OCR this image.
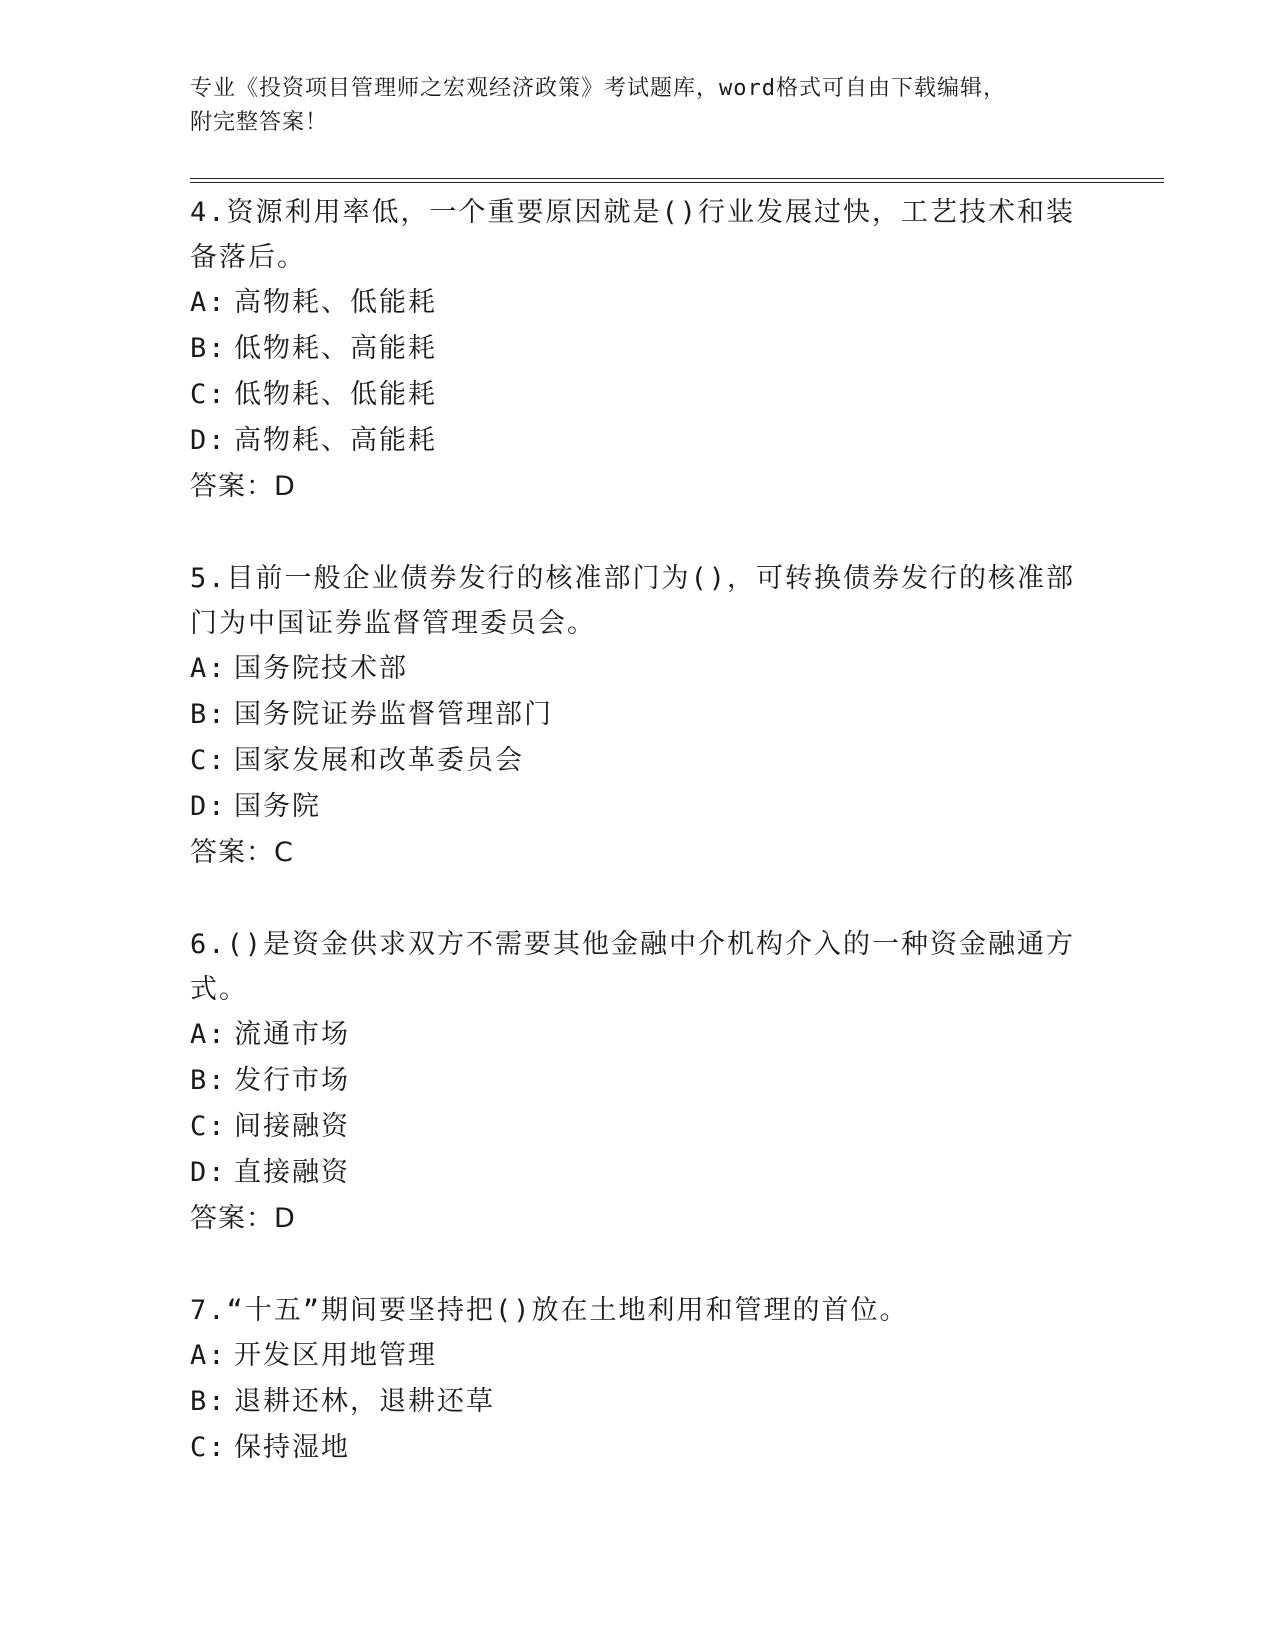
专业《投资项目管理师之宏观经济政策》考试题库，word格式可自由下载编辑，
附完整答案！

4.资源利用率低，一个重要原因就是()行业发展过快，工艺技术和装备落后。

A: 高物耗、低能耗

B: 低物耗、高能耗

C: 低物耗、低能耗

D: 高物耗、高能耗

答案：D

5.目前一般企业债券发行的核准部门为()，可转换债券发行的核准部门为中国证券监督管理委员会。

A: 国务院技术部

B: 国务院证券监督管理部门

C: 国家发展和改革委员会

D: 国务院

答案：C

6.()是资金供求双方不需要其他金融中介机构介入的一种资金融通方式。

A: 流通市场

B: 发行市场

C: 间接融资

D: 直接融资

答案：D

7.“十五”期间要坚持把()放在土地利用和管理的首位。

A: 开发区用地管理

B: 退耕还林，退耕还草

C: 保持湿地
